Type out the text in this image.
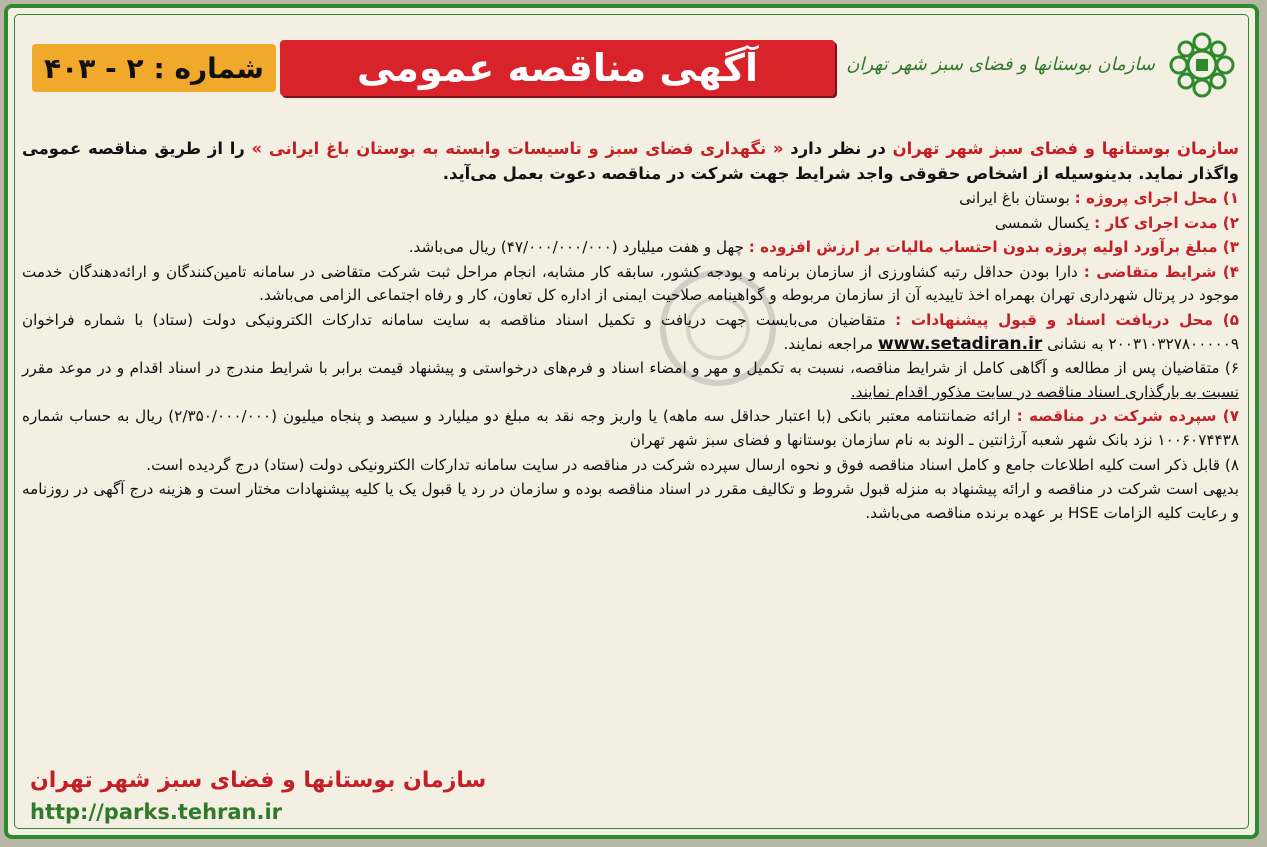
سازمان بوستانها و فضای سبز شهر تهران
آگهی مناقصه عمومی
شماره :
۲ - ۴۰۳
سازمان بوستانها و فضای سبز شهر تهران در نظر دارد « نگهداری فضای سبز و تاسیسات وابسته به بوستان باغ ایرانی » را از طریق مناقصه عمومی واگذار نماید. بدینوسیله از اشخاص حقوقی واجد شرایط جهت شرکت در مناقصه دعوت بعمل می‌آید.
۱) محل اجرای پروژه : بوستان باغ ایرانی
۲) مدت اجرای کار : یکسال شمسی
۳) مبلغ برآورد اولیه پروژه بدون احتساب مالیات بر ارزش افزوده : چهل و هفت میلیارد (۴۷/۰۰۰/۰۰۰/۰۰۰) ریال می‌باشد.
۴) شرایط متقاضی : دارا بودن حداقل رتبه کشاورزی از سازمان برنامه و بودجه کشور، سابقه کار مشابه، انجام مراحل ثبت شرکت متقاضی در سامانه تامین‌کنندگان و ارائه‌دهندگان خدمت موجود در پرتال شهرداری تهران بهمراه اخذ تاییدیه آن از سازمان مربوطه و گواهینامه صلاحیت ایمنی از اداره کل تعاون، کار و رفاه اجتماعی الزامی می‌باشد.
۵) محل دریافت اسناد و قبول پیشنهادات : متقاضیان می‌بایست جهت دریافت و تکمیل اسناد مناقصه به سایت سامانه تدارکات الکترونیکی دولت (ستاد) با شماره فراخوان ۲۰۰۳۱۰۳۲۷۸۰۰۰۰۰۹ به نشانی www.setadiran.ir مراجعه نمایند.
۶) متقاضیان پس از مطالعه و آگاهی کامل از شرایط مناقصه، نسبت به تکمیل و مهر و امضاء اسناد و فرم‌های درخواستی و پیشنهاد قیمت برابر با شرایط مندرج در اسناد اقدام و در موعد مقرر نسبت به بارگذاری اسناد مناقصه در سایت مذکور اقدام نمایند.
۷) سپرده شرکت در مناقصه : ارائه ضمانتنامه معتبر بانکی (با اعتبار حداقل سه ماهه) یا واریز وجه نقد به مبلغ دو میلیارد و سیصد و پنجاه میلیون (۲/۳۵۰/۰۰۰/۰۰۰) ریال به حساب شماره ۱۰۰۶۰۷۴۴۳۸ نزد بانک شهر شعبه آرژانتین ـ الوند به نام سازمان بوستانها و فضای سبز شهر تهران
۸) قابل ذکر است کلیه اطلاعات جامع و کامل اسناد مناقصه فوق و نحوه ارسال سپرده شرکت در مناقصه در سایت سامانه تدارکات الکترونیکی دولت (ستاد) درج گردیده است.
بدیهی است شرکت در مناقصه و ارائه پیشنهاد به منزله قبول شروط و تکالیف مقرر در اسناد مناقصه بوده و سازمان در رد یا قبول یک یا کلیه پیشنهادات مختار است و هزینه درج آگهی در روزنامه و رعایت کلیه الزامات HSE بر عهده برنده مناقصه می‌باشد.
سازمان بوستانها و فضای سبز شهر تهران
http://parks.tehran.ir
